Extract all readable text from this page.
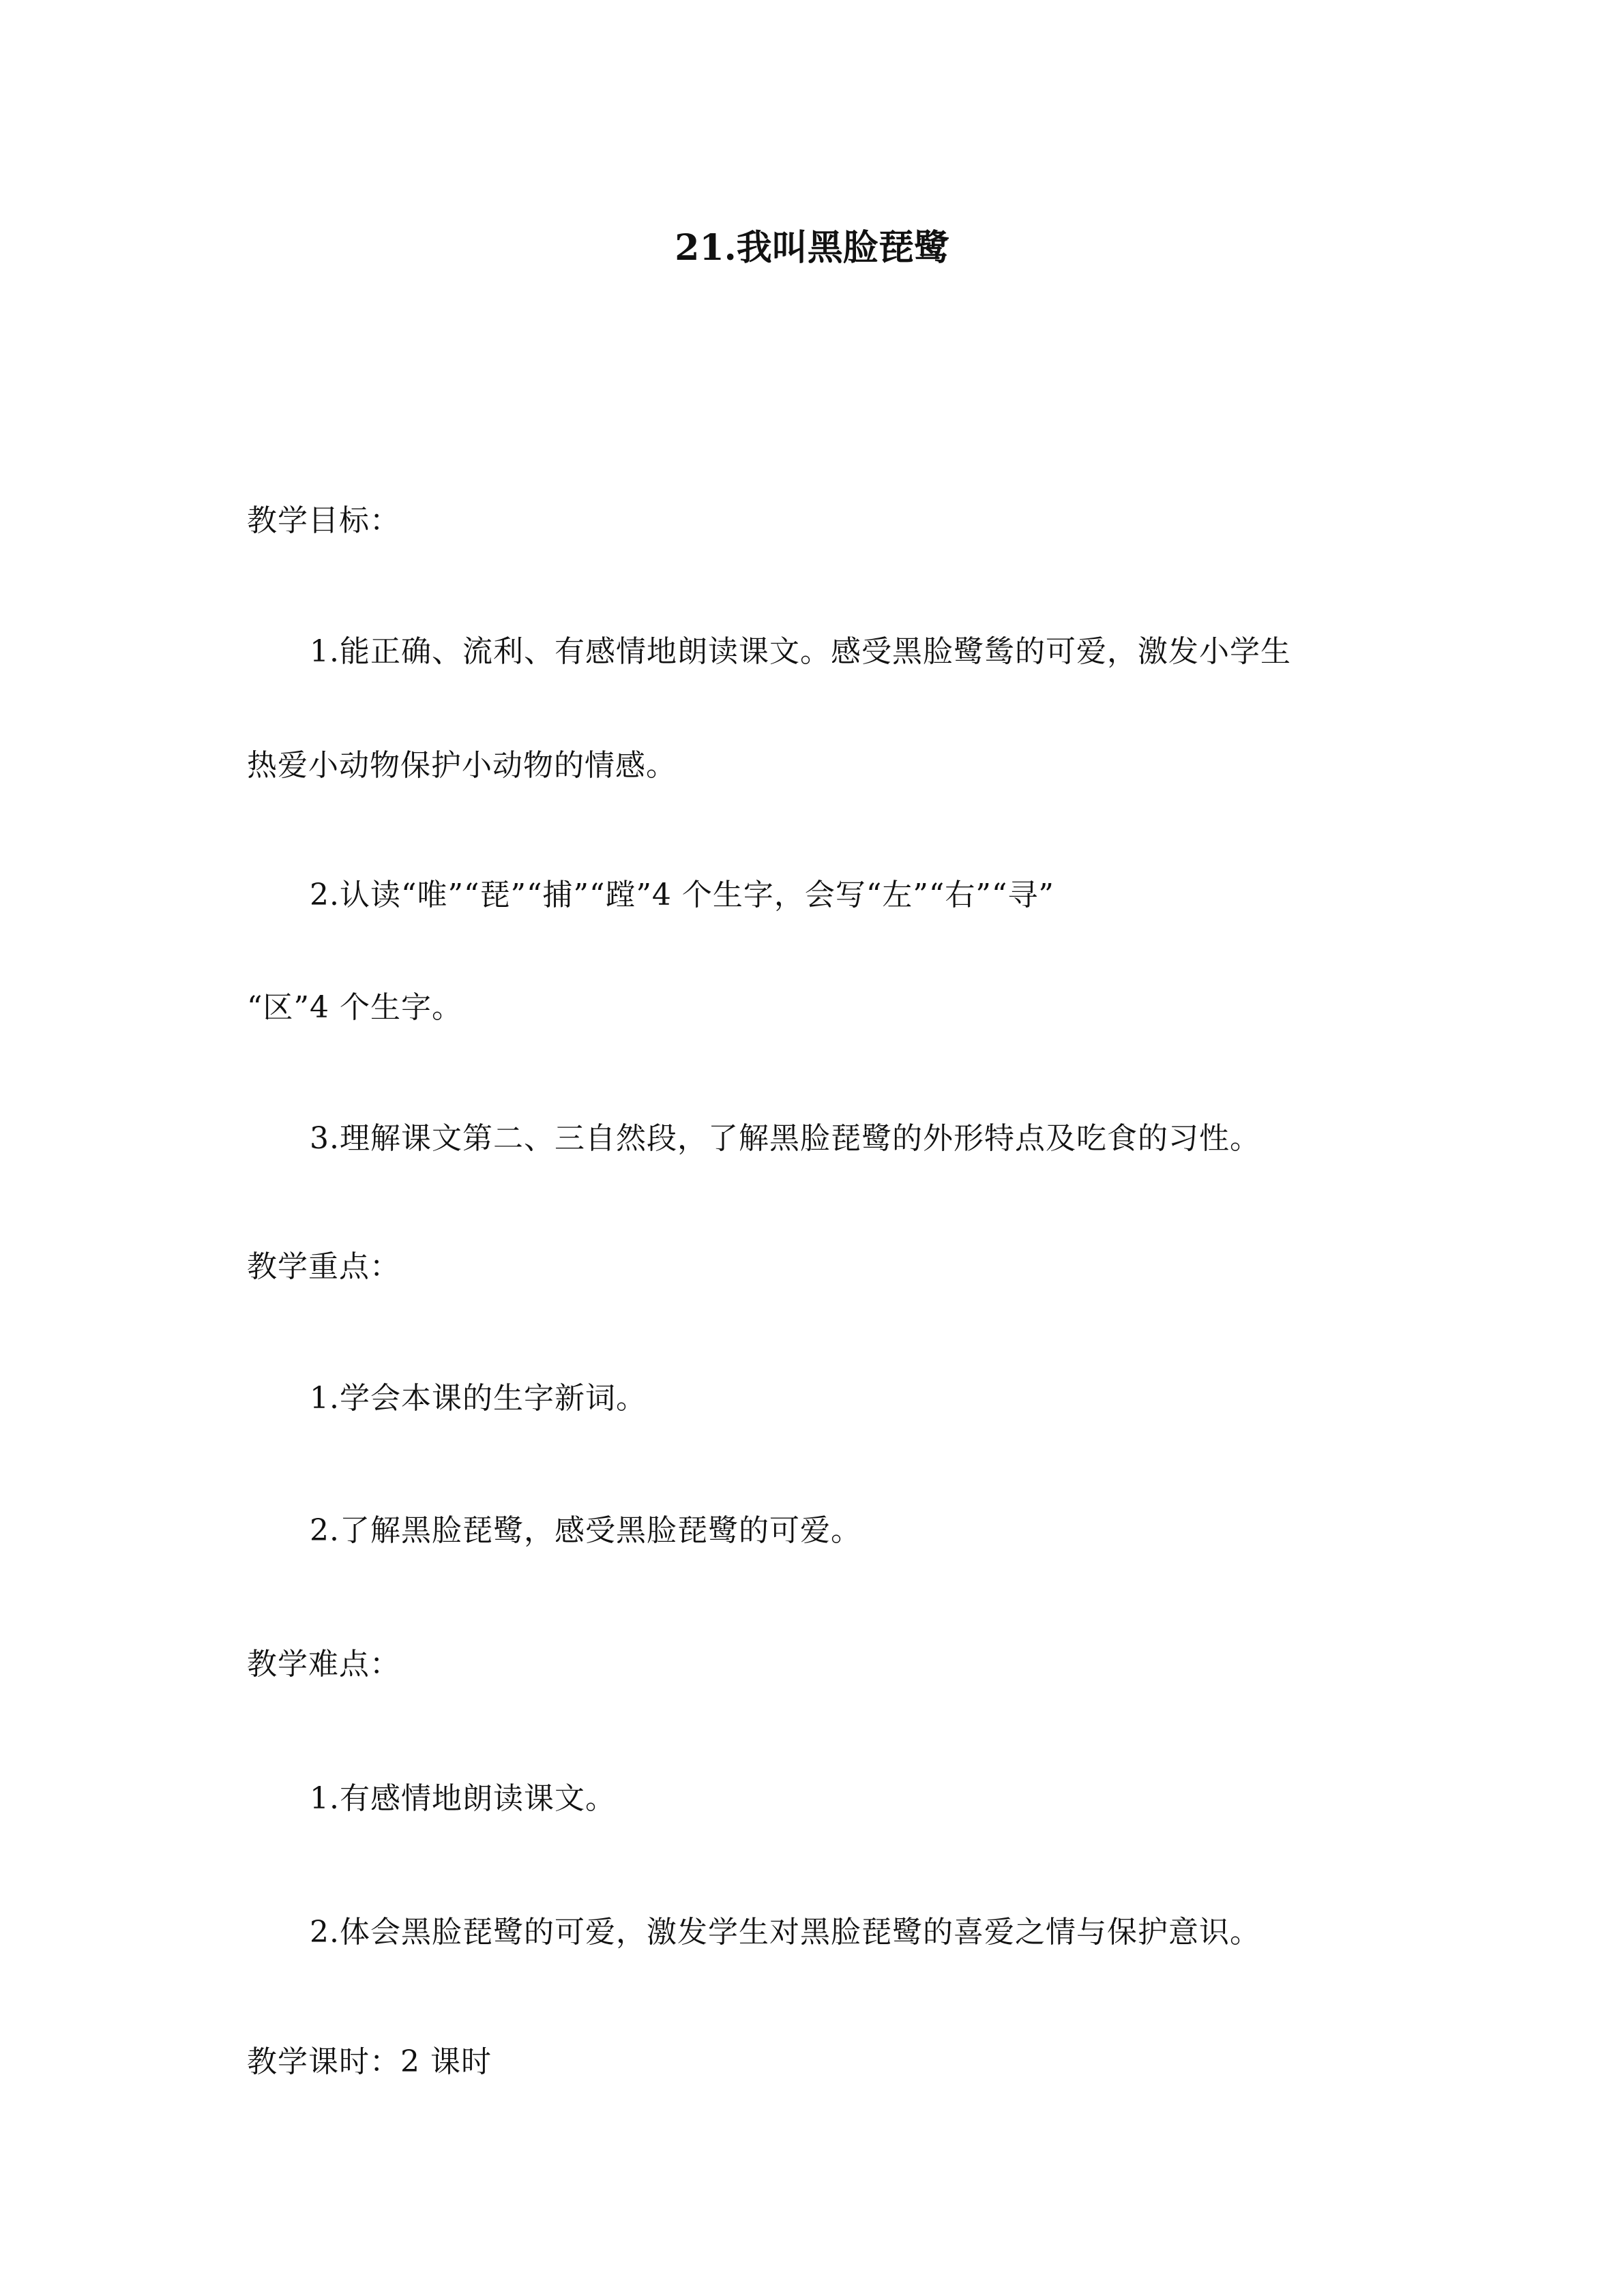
21.我叫黑脸琵鹭
教学目标：
1.能正确、流利、有感情地朗读课文。感受黑脸鹭鸶的可爱，激发小学生
热爱小动物保护小动物的情感。
2.认读“唯”“琵”“捕”“蹚”4 个生字，会写“左”“右”“寻”
“区”4 个生字。
3.理解课文第二、三自然段，了解黑脸琵鹭的外形特点及吃食的习性。
教学重点：
1.学会本课的生字新词。
2.了解黑脸琵鹭，感受黑脸琵鹭的可爱。
教学难点：
1.有感情地朗读课文。
2.体会黑脸琵鹭的可爱，激发学生对黑脸琵鹭的喜爱之情与保护意识。
教学课时：2 课时
